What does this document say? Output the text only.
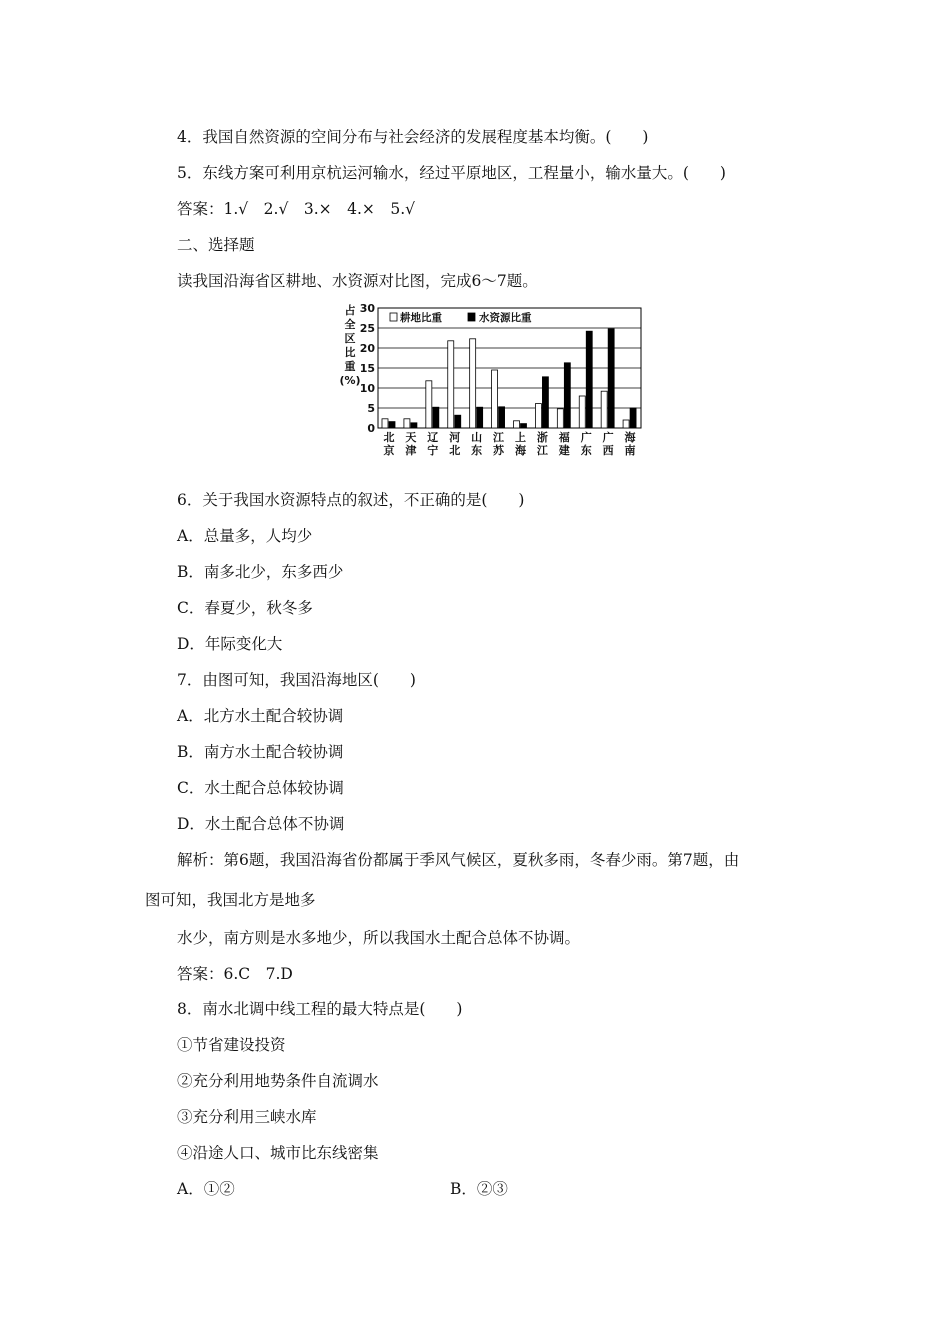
4．我国自然资源的空间分布与社会经济的发展程度基本均衡。(　　)
5．东线方案可利用京杭运河输水，经过平原地区，工程量小，输水量大。(　　)
答案：1.√　2.√　3.×　4.×　5.√
二、选择题
读我国沿海省区耕地、水资源对比图，完成6～7题。
0
5
10
15
20
25
30
占
全
区
比
重
(%)
北
京
天
津
辽
宁
河
北
山
东
江
苏
上
海
浙
江
福
建
广
东
广
西
海
南
耕地比重	水资源比重
6．关于我国水资源特点的叙述，不正确的是(　　)
A．总量多，人均少
B．南多北少，东多西少
C．春夏少，秋冬多
D．年际变化大
7．由图可知，我国沿海地区(　　)
A．北方水土配合较协调
B．南方水土配合较协调
C．水土配合总体较协调
D．水土配合总体不协调
解析：第6题，我国沿海省份都属于季风气候区，夏秋多雨，冬春少雨。第7题，由
图可知，我国北方是地多
水少，南方则是水多地少，所以我国水土配合总体不协调。
答案：6.C　7.D
8．南水北调中线工程的最大特点是(　　)
①节省建设投资
②充分利用地势条件自流调水
③充分利用三峡水库
④沿途人口、城市比东线密集
A．①②	B．②③
